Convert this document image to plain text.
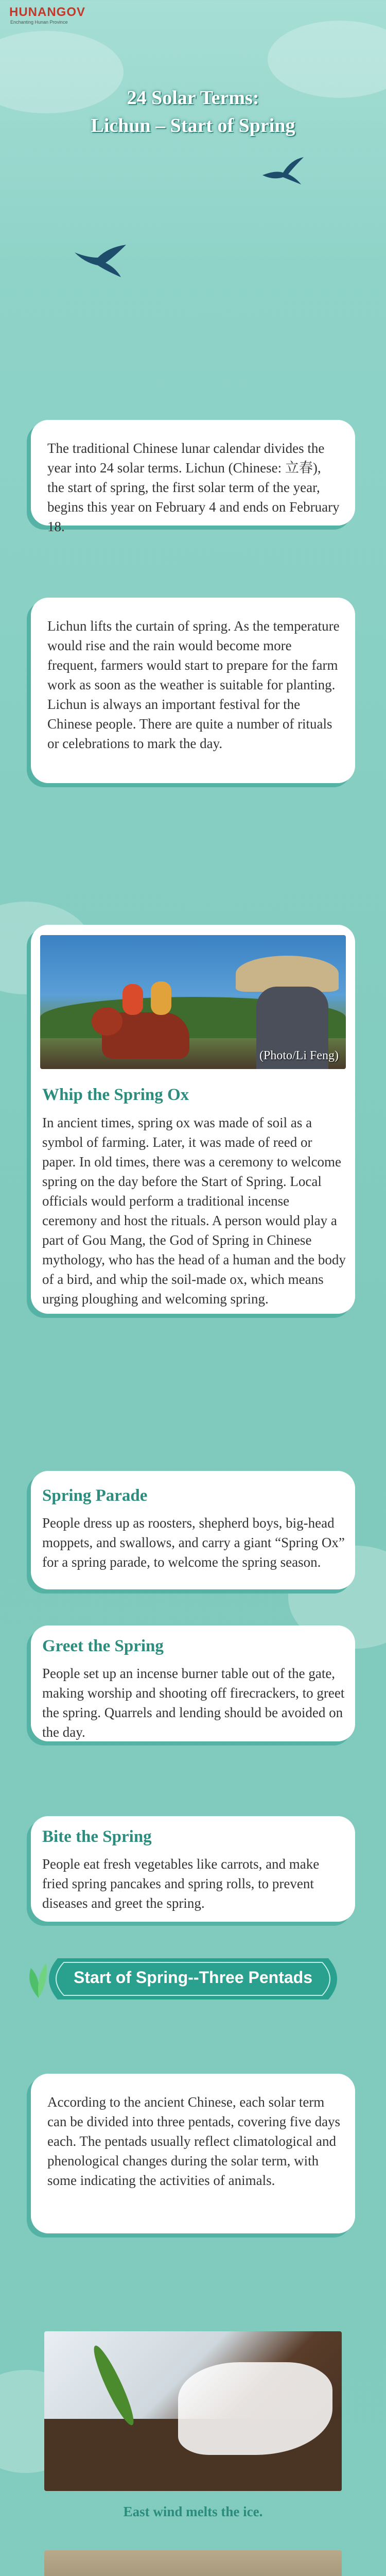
HUNANGOV
Enchanting Hunan Province
24 Solar Terms:
Lichun – Start of Spring

The traditional Chinese lunar calendar divides the year into 24 solar terms. Lichun (Chinese: 立春), the start of spring, the first solar term of the year, begins this year on February 4 and ends on February 18.

Lichun lifts the curtain of spring. As the temperature would rise and the rain would become more frequent, farmers would start to prepare for the farm work as soon as the weather is suitable for planting. Lichun is always an important festival for the Chinese people. There are quite a number of rituals or celebrations to mark the day.

(Photo/Li Feng)
Whip the Spring Ox

In ancient times, spring ox was made of soil as a symbol of farming. Later, it was made of reed or paper. In old times, there was a ceremony to welcome spring on the day before the Start of Spring. Local officials would perform a traditional incense ceremony and host the rituals. A person would play a part of Gou Mang, the God of Spring in Chinese mythology, who has the head of a human and the body of a bird, and whip the soil-made ox, which means urging ploughing and welcoming spring.

Spring Parade

People dress up as roosters, shepherd boys, big-head moppets, and swallows, and carry a giant “Spring Ox” for a spring parade, to welcome the spring season.

Greet the Spring

People set up an incense burner table out of the gate, making worship and shooting off firecrackers, to greet the spring. Quarrels and lending should be avoided on the day.

Bite the Spring

People eat fresh vegetables like carrots, and make fried spring pancakes and spring rolls, to prevent diseases and greet the spring.

Start of Spring--Three Pentads

According to the ancient Chinese, each solar term can be divided into three pentads, covering five days each. The pentads usually reflect climatological and phenological changes during the solar term, with some indicating the activities of animals.

East wind melts the ice.
